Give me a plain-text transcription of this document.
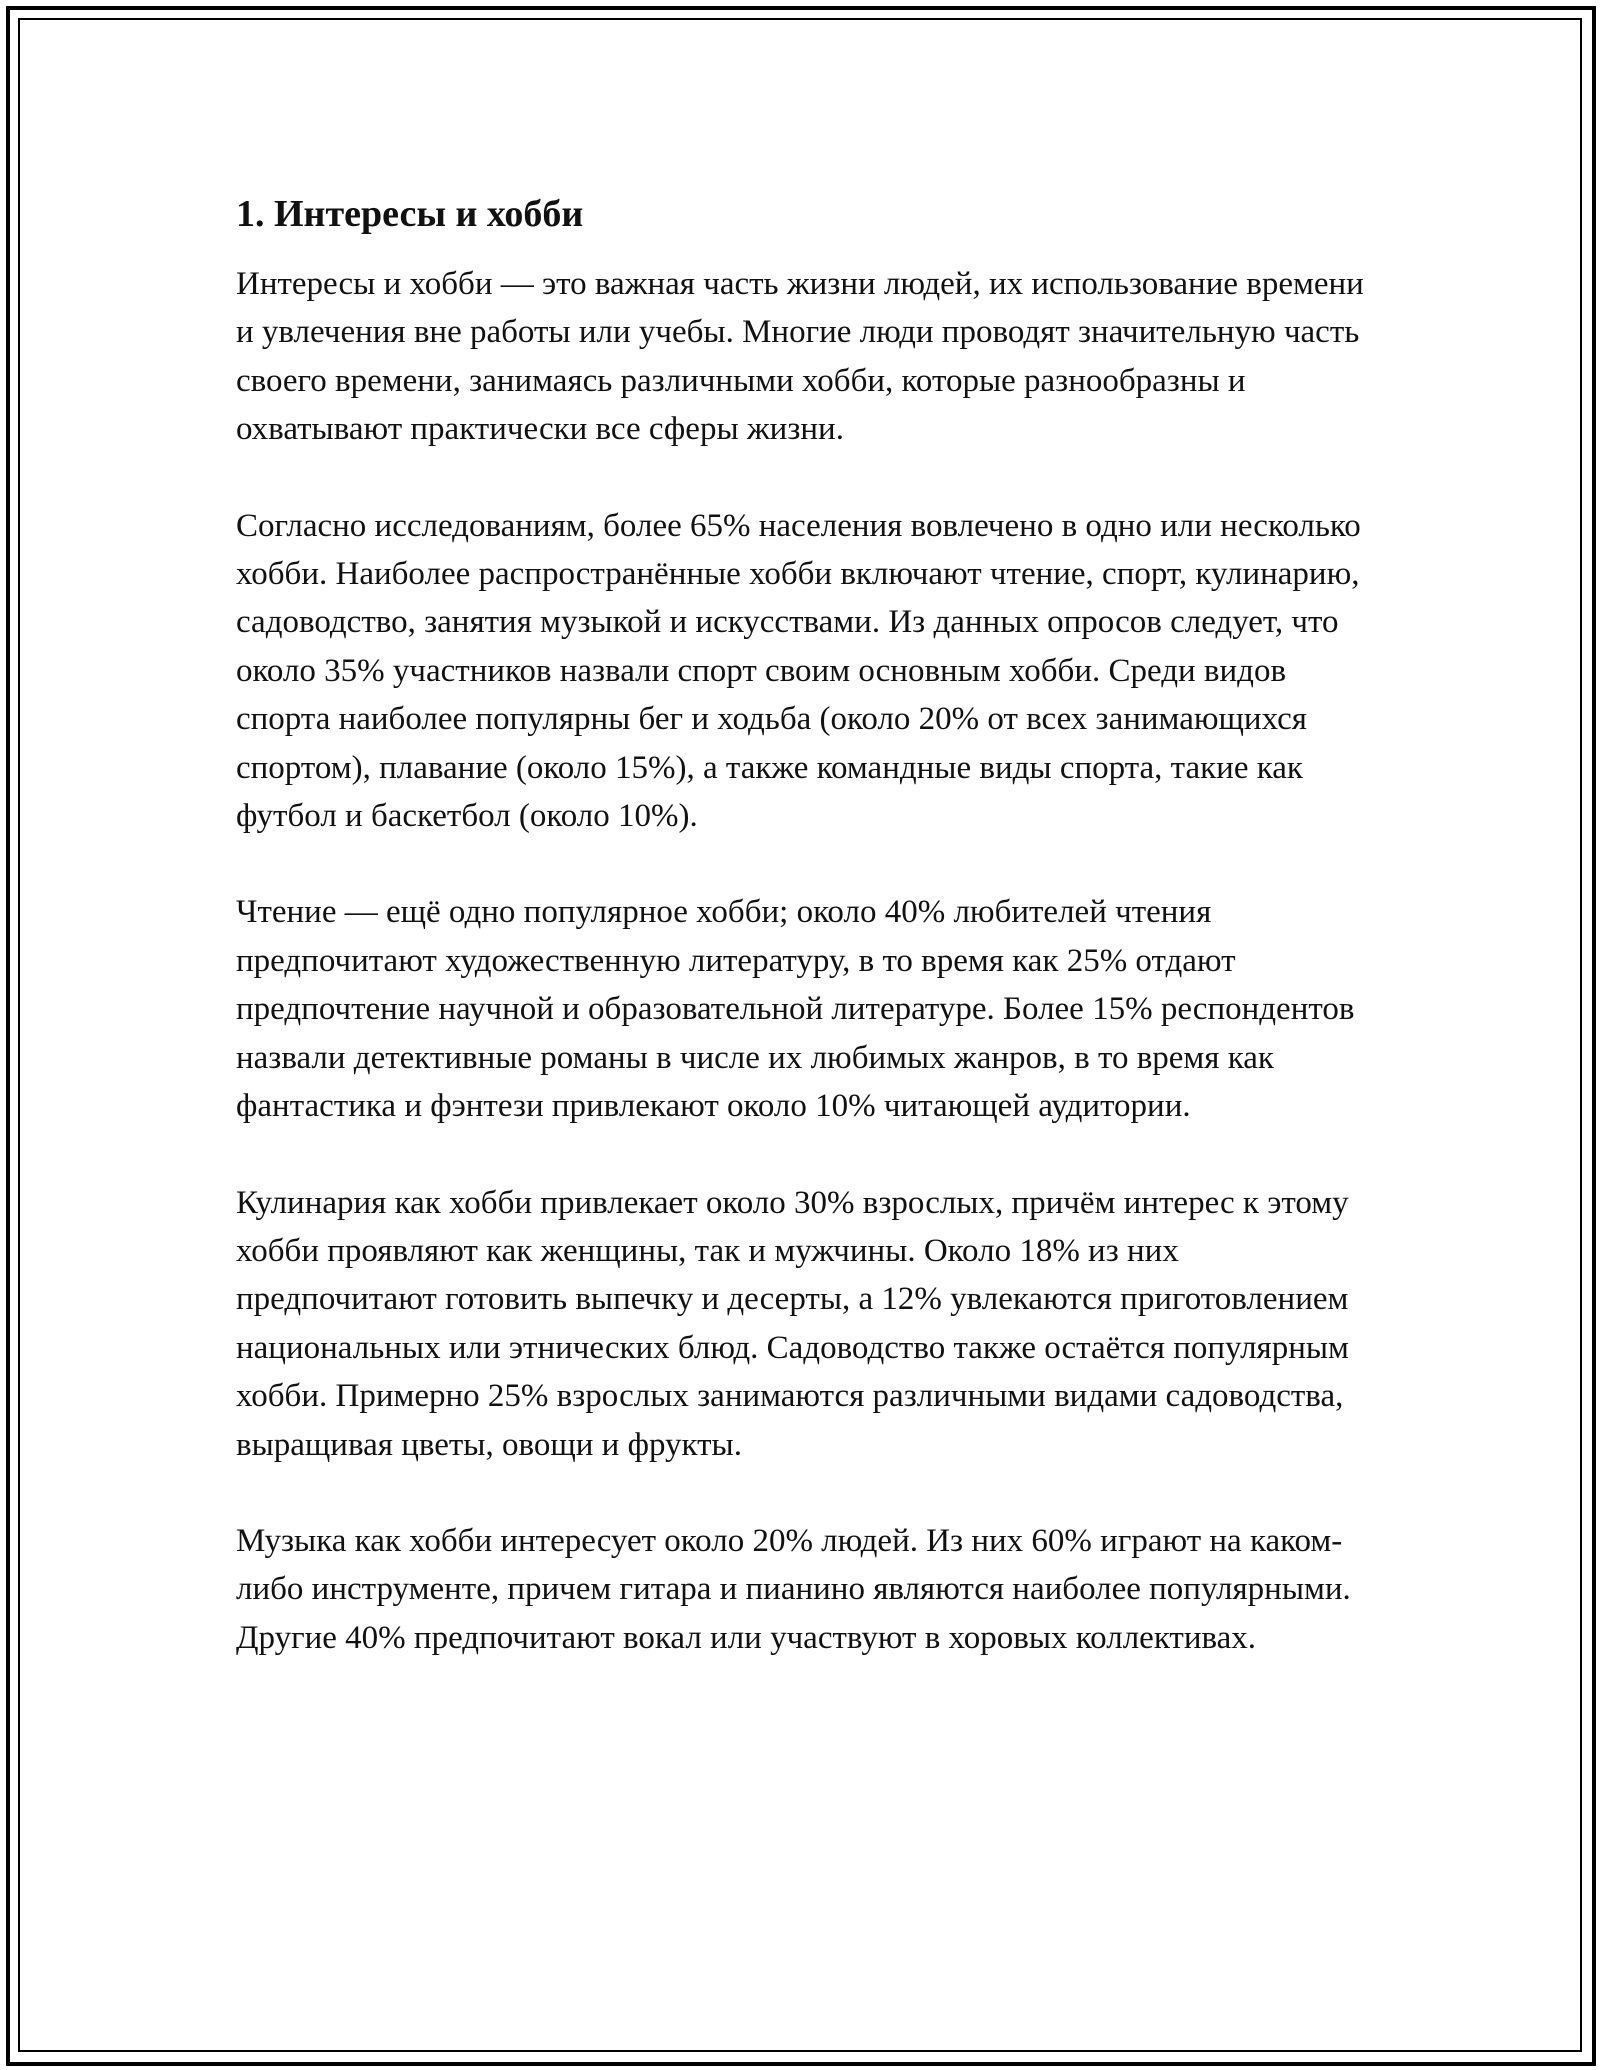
1. Интересы и хобби

Интересы и хобби — это важная часть жизни людей, их использование времени и увлечения вне работы или учебы. Многие люди проводят значительную часть своего времени, занимаясь различными хобби, которые разнообразны и охватывают практически все сферы жизни.

Согласно исследованиям, более 65% населения вовлечено в одно или несколько хобби. Наиболее распространённые хобби включают чтение, спорт, кулинарию, садоводство, занятия музыкой и искусствами. Из данных опросов следует, что около 35% участников назвали спорт своим основным хобби. Среди видов спорта наиболее популярны бег и ходьба (около 20% от всех занимающихся спортом), плавание (около 15%), а также командные виды спорта, такие как футбол и баскетбол (около 10%).

Чтение — ещё одно популярное хобби; около 40% любителей чтения предпочитают художественную литературу, в то время как 25% отдают предпочтение научной и образовательной литературе. Более 15% респондентов назвали детективные романы в числе их любимых жанров, в то время как фантастика и фэнтези привлекают около 10% читающей аудитории.

Кулинария как хобби привлекает около 30% взрослых, причём интерес к этому хобби проявляют как женщины, так и мужчины. Около 18% из них предпочитают готовить выпечку и десерты, а 12% увлекаются приготовлением национальных или этнических блюд. Садоводство также остаётся популярным хобби. Примерно 25% взрослых занимаются различными видами садоводства, выращивая цветы, овощи и фрукты.

Музыка как хобби интересует около 20% людей. Из них 60% играют на каком-либо инструменте, причем гитара и пианино являются наиболее популярными. Другие 40% предпочитают вокал или участвуют в хоровых коллективах.
